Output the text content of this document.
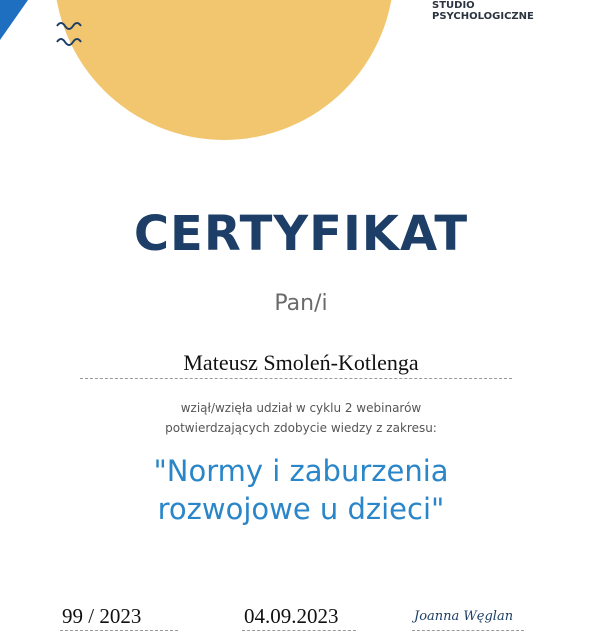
STUDIO
PSYCHOLOGICZNE
CERTYFIKAT
Pan/i
Mateusz Smoleń-Kotlenga
wziął/wzięła udział w cyklu 2 webinarów
potwierdzających zdobycie wiedzy z zakresu:
"Normy i zaburzenia
rozwojowe u dzieci"
99 / 2023	04.09.2023	Joanna Węglan
